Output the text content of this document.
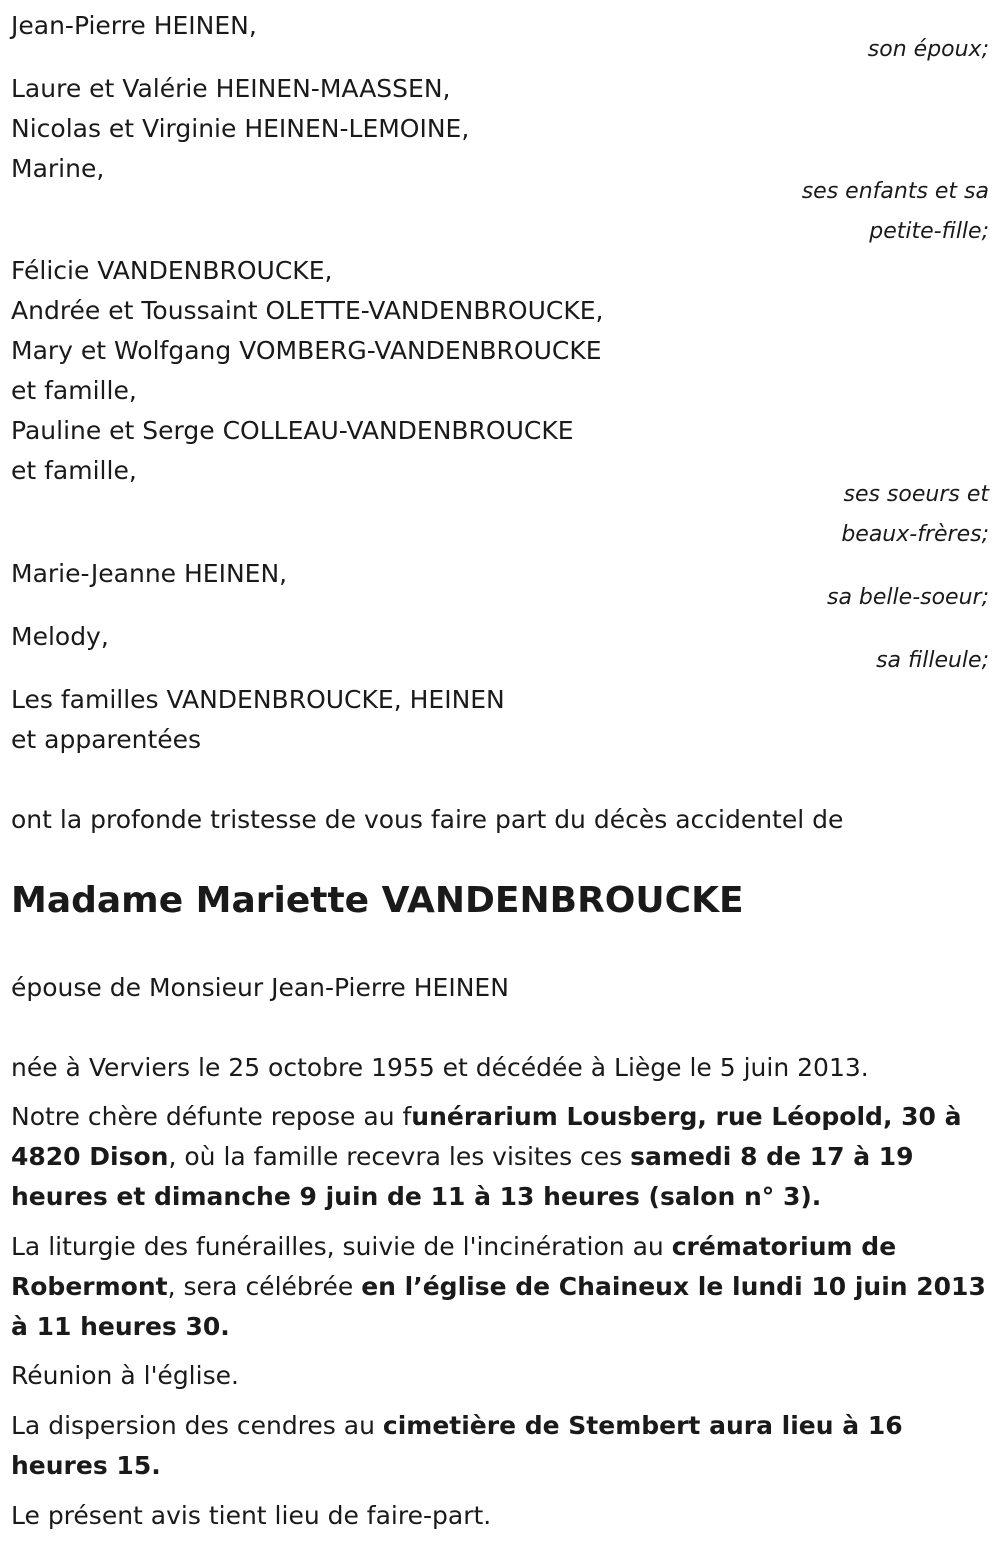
Jean-Pierre HEINEN,
son époux;
Laure et Valérie HEINEN-MAASSEN,
Nicolas et Virginie HEINEN-LEMOINE,
Marine,
ses enfants et sa
petite-fille;
Félicie VANDENBROUCKE,
Andrée et Toussaint OLETTE-VANDENBROUCKE,
Mary et Wolfgang VOMBERG-VANDENBROUCKE
et famille,
Pauline et Serge COLLEAU-VANDENBROUCKE
et famille,
ses soeurs et
beaux-frères;
Marie-Jeanne HEINEN,
sa belle-soeur;
Melody,
sa filleule;
Les familles VANDENBROUCKE, HEINEN
et apparentées
ont la profonde tristesse de vous faire part du décès accidentel de
Madame Mariette VANDENBROUCKE
épouse de Monsieur Jean-Pierre HEINEN
née à Verviers le 25 octobre 1955 et décédée à Liège le 5 juin 2013.
Notre chère défunte repose au funérarium Lousberg, rue Léopold, 30 à 4820 Dison, où la famille recevra les visites ces samedi 8 de 17 à 19 heures et dimanche 9 juin de 11 à 13 heures (salon n° 3).
La liturgie des funérailles, suivie de l'incinération au crématorium de Robermont, sera célébrée en l’église de Chaineux le lundi 10 juin 2013 à 11 heures 30.
Réunion à l'église.
La dispersion des cendres au cimetière de Stembert aura lieu à 16 heures 15.
Le présent avis tient lieu de faire-part.
